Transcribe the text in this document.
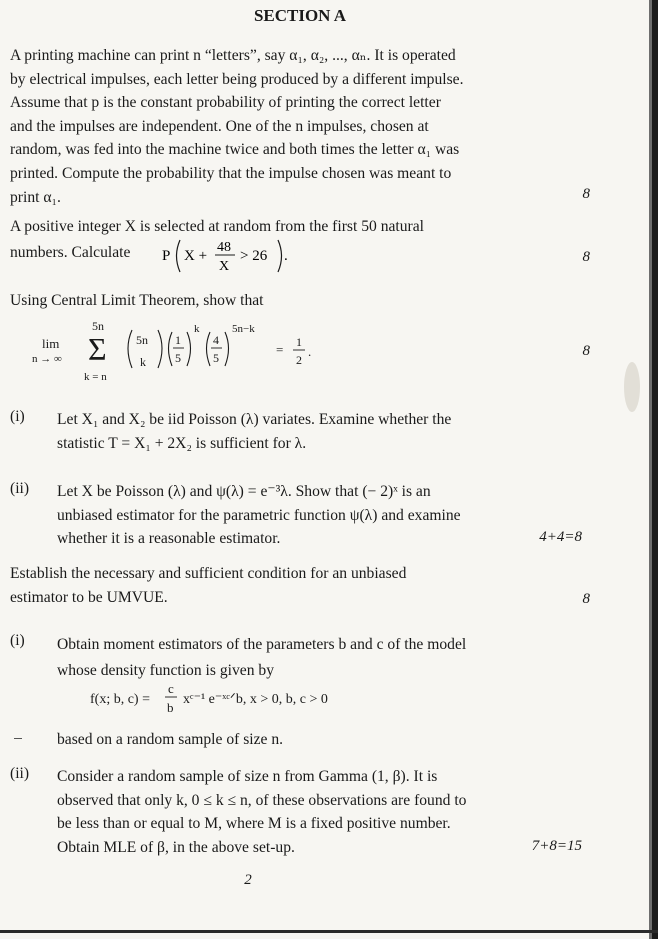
SECTION A
A printing machine can print n “letters”, say α₁, α₂, ..., αₙ. It is operated
by electrical impulses, each letter being produced by a different impulse.
Assume that p is the constant probability of printing the correct letter
and the impulses are independent. One of the n impulses, chosen at
random, was fed into the machine twice and both times the letter α₁ was
printed. Compute the probability that the impulse chosen was meant to
print α₁.	8
A positive integer X is selected at random from the first 50 natural
numbers. Calculate P X +
48
X
> 26 .	8
Using Central Limit Theorem, show that
lim
n → ∞
5n
Σ
k = n
5n
k
1
5
k
4
5
5n−k
= 1
2
.	8
(i) Let X₁ and X₂ be iid Poisson (λ) variates. Examine whether the
statistic T = X₁ + 2X₂ is sufficient for λ.
(ii) Let X be Poisson (λ) and ψ(λ) = e⁻³λ. Show that (− 2)ˣ is an
unbiased estimator for the parametric function ψ(λ) and examine
whether it is a reasonable estimator.	4+4=8
Establish the necessary and sufficient condition for an unbiased
estimator to be UMVUE.	8
(i) Obtain moment estimators of the parameters b and c of the model
whose density function is given by
f(x; b, c) =
c
b
xᶜ⁻¹ e⁻ˣᶜᐟb, x > 0, b, c > 0
based on a random sample of size n.
(ii) Consider a random sample of size n from Gamma (1, β). It is
observed that only k, 0 ≤ k ≤ n, of these observations are found to
be less than or equal to M, where M is a fixed positive number.
Obtain MLE of β, in the above set-up.	7+8=15
2
